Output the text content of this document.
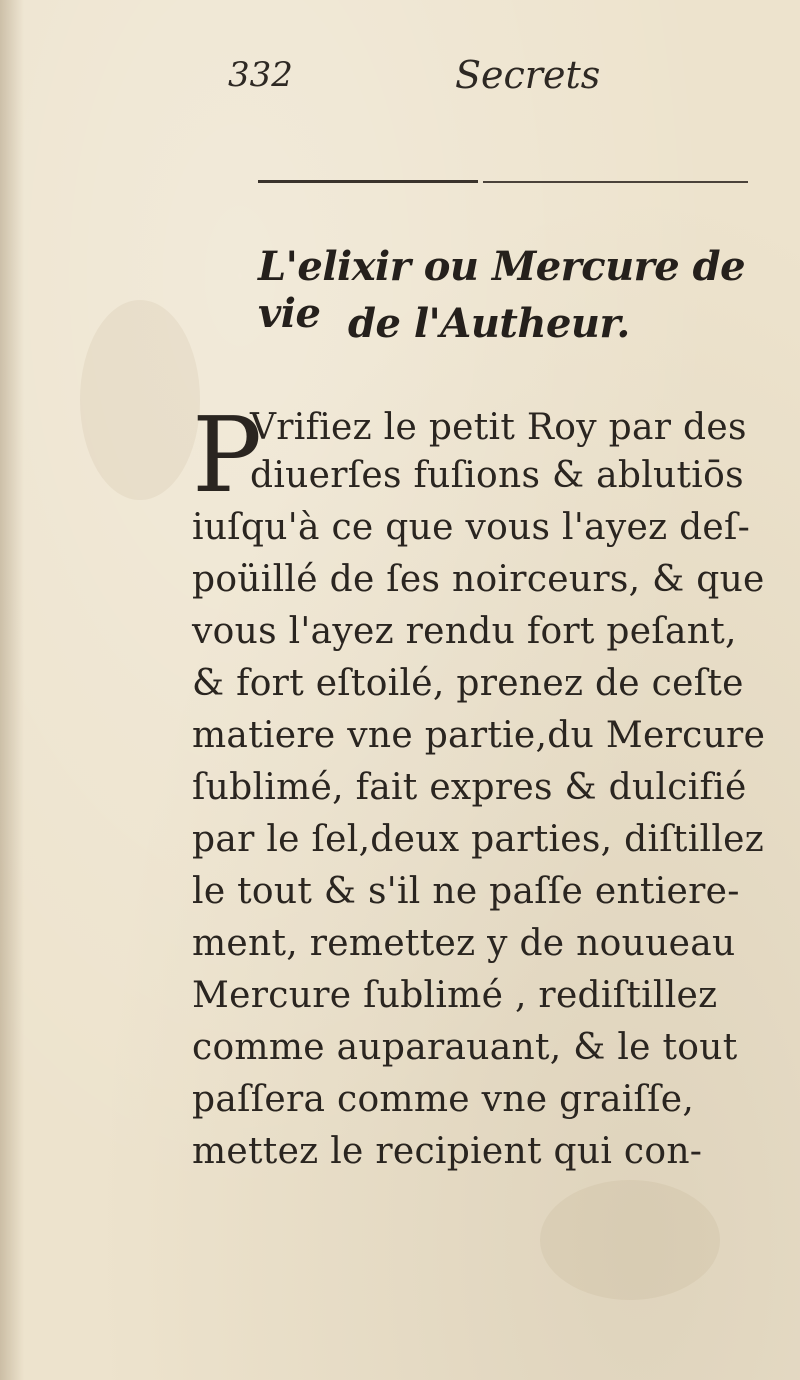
332	Secrets
L'elixir ou Mercure de vie de l'Autheur.
P
Vrifiez le petit Roy par des
diuerſes fuſions & ablutiōs
iuſqu'à ce que vous l'ayez deſ-
poüillé de ſes noirceurs, & que
vous l'ayez rendu fort peſant,
& fort eſtoilé, prenez de ceſte
matiere vne partie,du Mercure
ſublimé, fait expres & dulcifié
par le ſel,deux parties, diſtillez
le tout & s'il ne paſſe entiere-
ment, remettez y de nouueau
Mercure ſublimé , rediſtillez
comme auparauant, & le tout
paſſera comme vne graiſſe,
mettez le recipient qui con-
